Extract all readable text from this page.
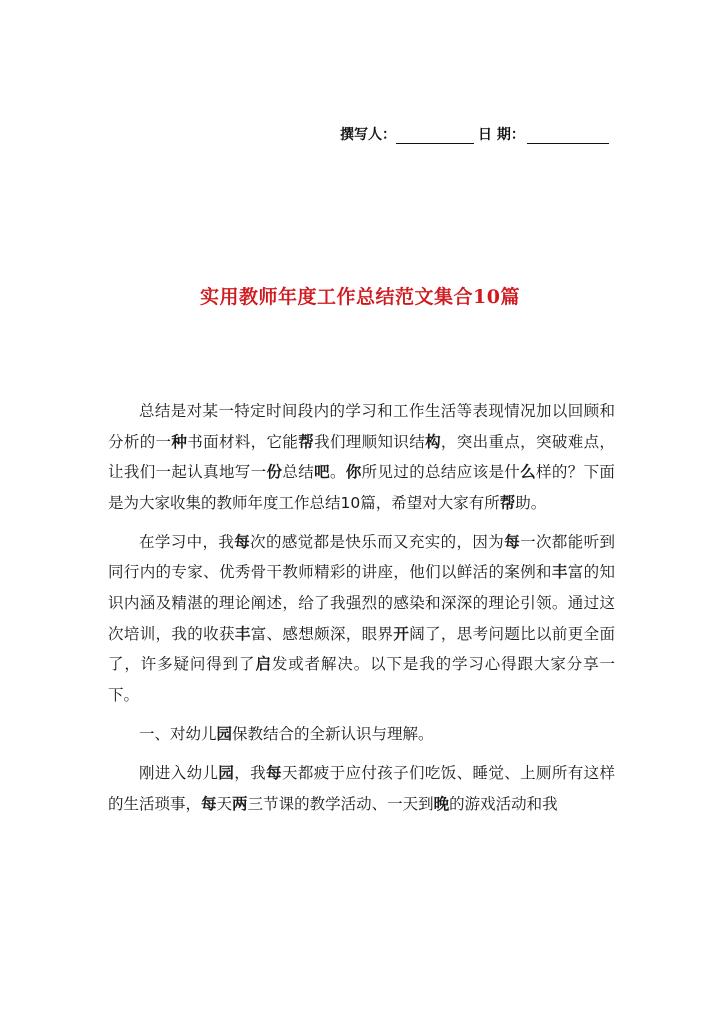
撰写人：	日 期：
实用教师年度工作总结范文集合10篇

总结是对某一特定时间段内的学习和工作生活等表现情况加以回顾和分析的一种书面材料，它能帮我们理顺知识结构，突出重点，突破难点，让我们一起认真地写一份总结吧。你所见过的总结应该是什么样的？下面是为大家收集的教师年度工作总结10篇，希望对大家有所帮助。

在学习中，我每次的感觉都是快乐而又充实的，因为每一次都能听到同行内的专家、优秀骨干教师精彩的讲座，他们以鲜活的案例和丰富的知识内涵及精湛的理论阐述，给了我强烈的感染和深深的理论引领。通过这次培训，我的收获丰富、感想颇深，眼界开阔了，思考问题比以前更全面了，许多疑问得到了启发或者解决。以下是我的学习心得跟大家分享一下。

一、对幼儿园保教结合的全新认识与理解。

刚进入幼儿园，我每天都疲于应付孩子们吃饭、睡觉、上厕所有这样的生活琐事，每天两三节课的教学活动、一天到晚的游戏活动和我
